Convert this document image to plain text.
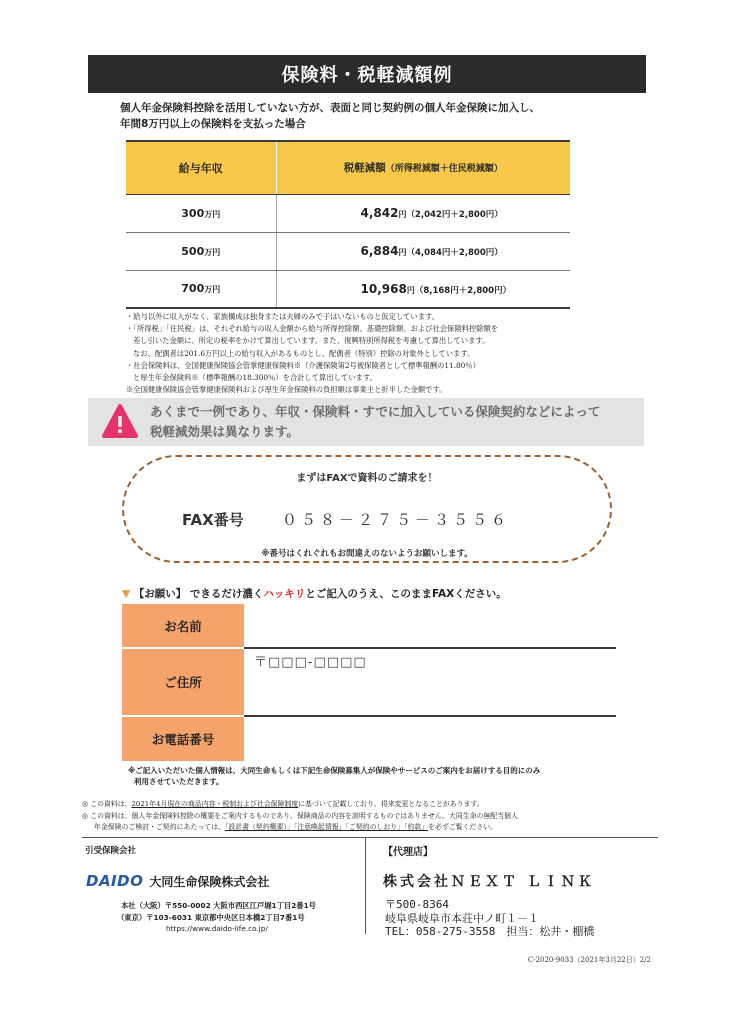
保険料・税軽減額例
個人年金保険料控除を活用していない方が、表面と同じ契約例の個人年金保険に加入し、
年間8万円以上の保険料を支払った場合
給与年収	税軽減額（所得税減額＋住民税減額）
300万円	4,842円（2,042円＋2,800円）
500万円	6,884円（4,084円＋2,800円）
700万円	10,968円（8,168円＋2,800円）
・給与以外に収入がなく、家族構成は独身または夫婦のみで子はいないものと仮定しています。
・「所得税」「住民税」は、それぞれ給与の収入金額から給与所得控除額、基礎控除額、および社会保険料控除額を
差し引いた金額に、所定の税率をかけて算出しています。また、復興特別所得税を考慮して算出しています。
なお、配偶者は201.6万円以上の給与収入があるものとし、配偶者（特別）控除の対象外としています。
・社会保険料は、全国健康保険協会管掌健康保険料※（介護保険第2号被保険者として標準報酬の11.80％）
と厚生年金保険料※（標準報酬の18.300％）を合計して算出しています。
※全国健康保険協会管掌健康保険料および厚生年金保険料の負担額は事業主と折半した金額です。
あくまで一例であり、年収・保険料・すでに加入している保険契約などによって
税軽減効果は異なります。
まずはFAXで資料のご請求を！
FAX番号	０５８－２７５－３５５６
※番号はくれぐれもお間違えのないようお願いします。
▼ 【お願い】 できるだけ濃くハッキリとご記入のうえ、このままFAXください。
お名前	
ご住所	〒□□□-□□□□

お電話番号	
※ご記入いただいた個人情報は、大同生命もしくは下記生命保険募集人が保険やサービスのご案内をお届けする目的にのみ
利用させていただきます。
◎ この資料は、2021年4月現在の商品内容・税制および社会保障制度に基づいて記載しており、将来変更となることがあります。
◎ この資料は、個人年金保険料控除の概要をご案内するものであり、保険商品の内容を説明するものではありません。大同生命の無配当個人
年金保険のご検討・ご契約にあたっては、「設計書（契約概要）」「注意喚起情報」「ご契約のしおり」「約款」を必ずご覧ください。
引受保険会社
DAIDO 大同生命保険株式会社
本社（大阪）〒550-0002 大阪市西区江戸堀1丁目2番1号
（東京）〒103-6031 東京都中央区日本橋2丁目7番1号
https://www.daido-life.co.jp/
【代理店】
株式会社ＮＥＸＴ ＬＩＮＫ
〒500-8364
岐阜県岐阜市本荘中ノ町１－１
TEL：058-275-3558　担当：松井・棚橋
C-2020-9033（2021年3月22日）2/2
